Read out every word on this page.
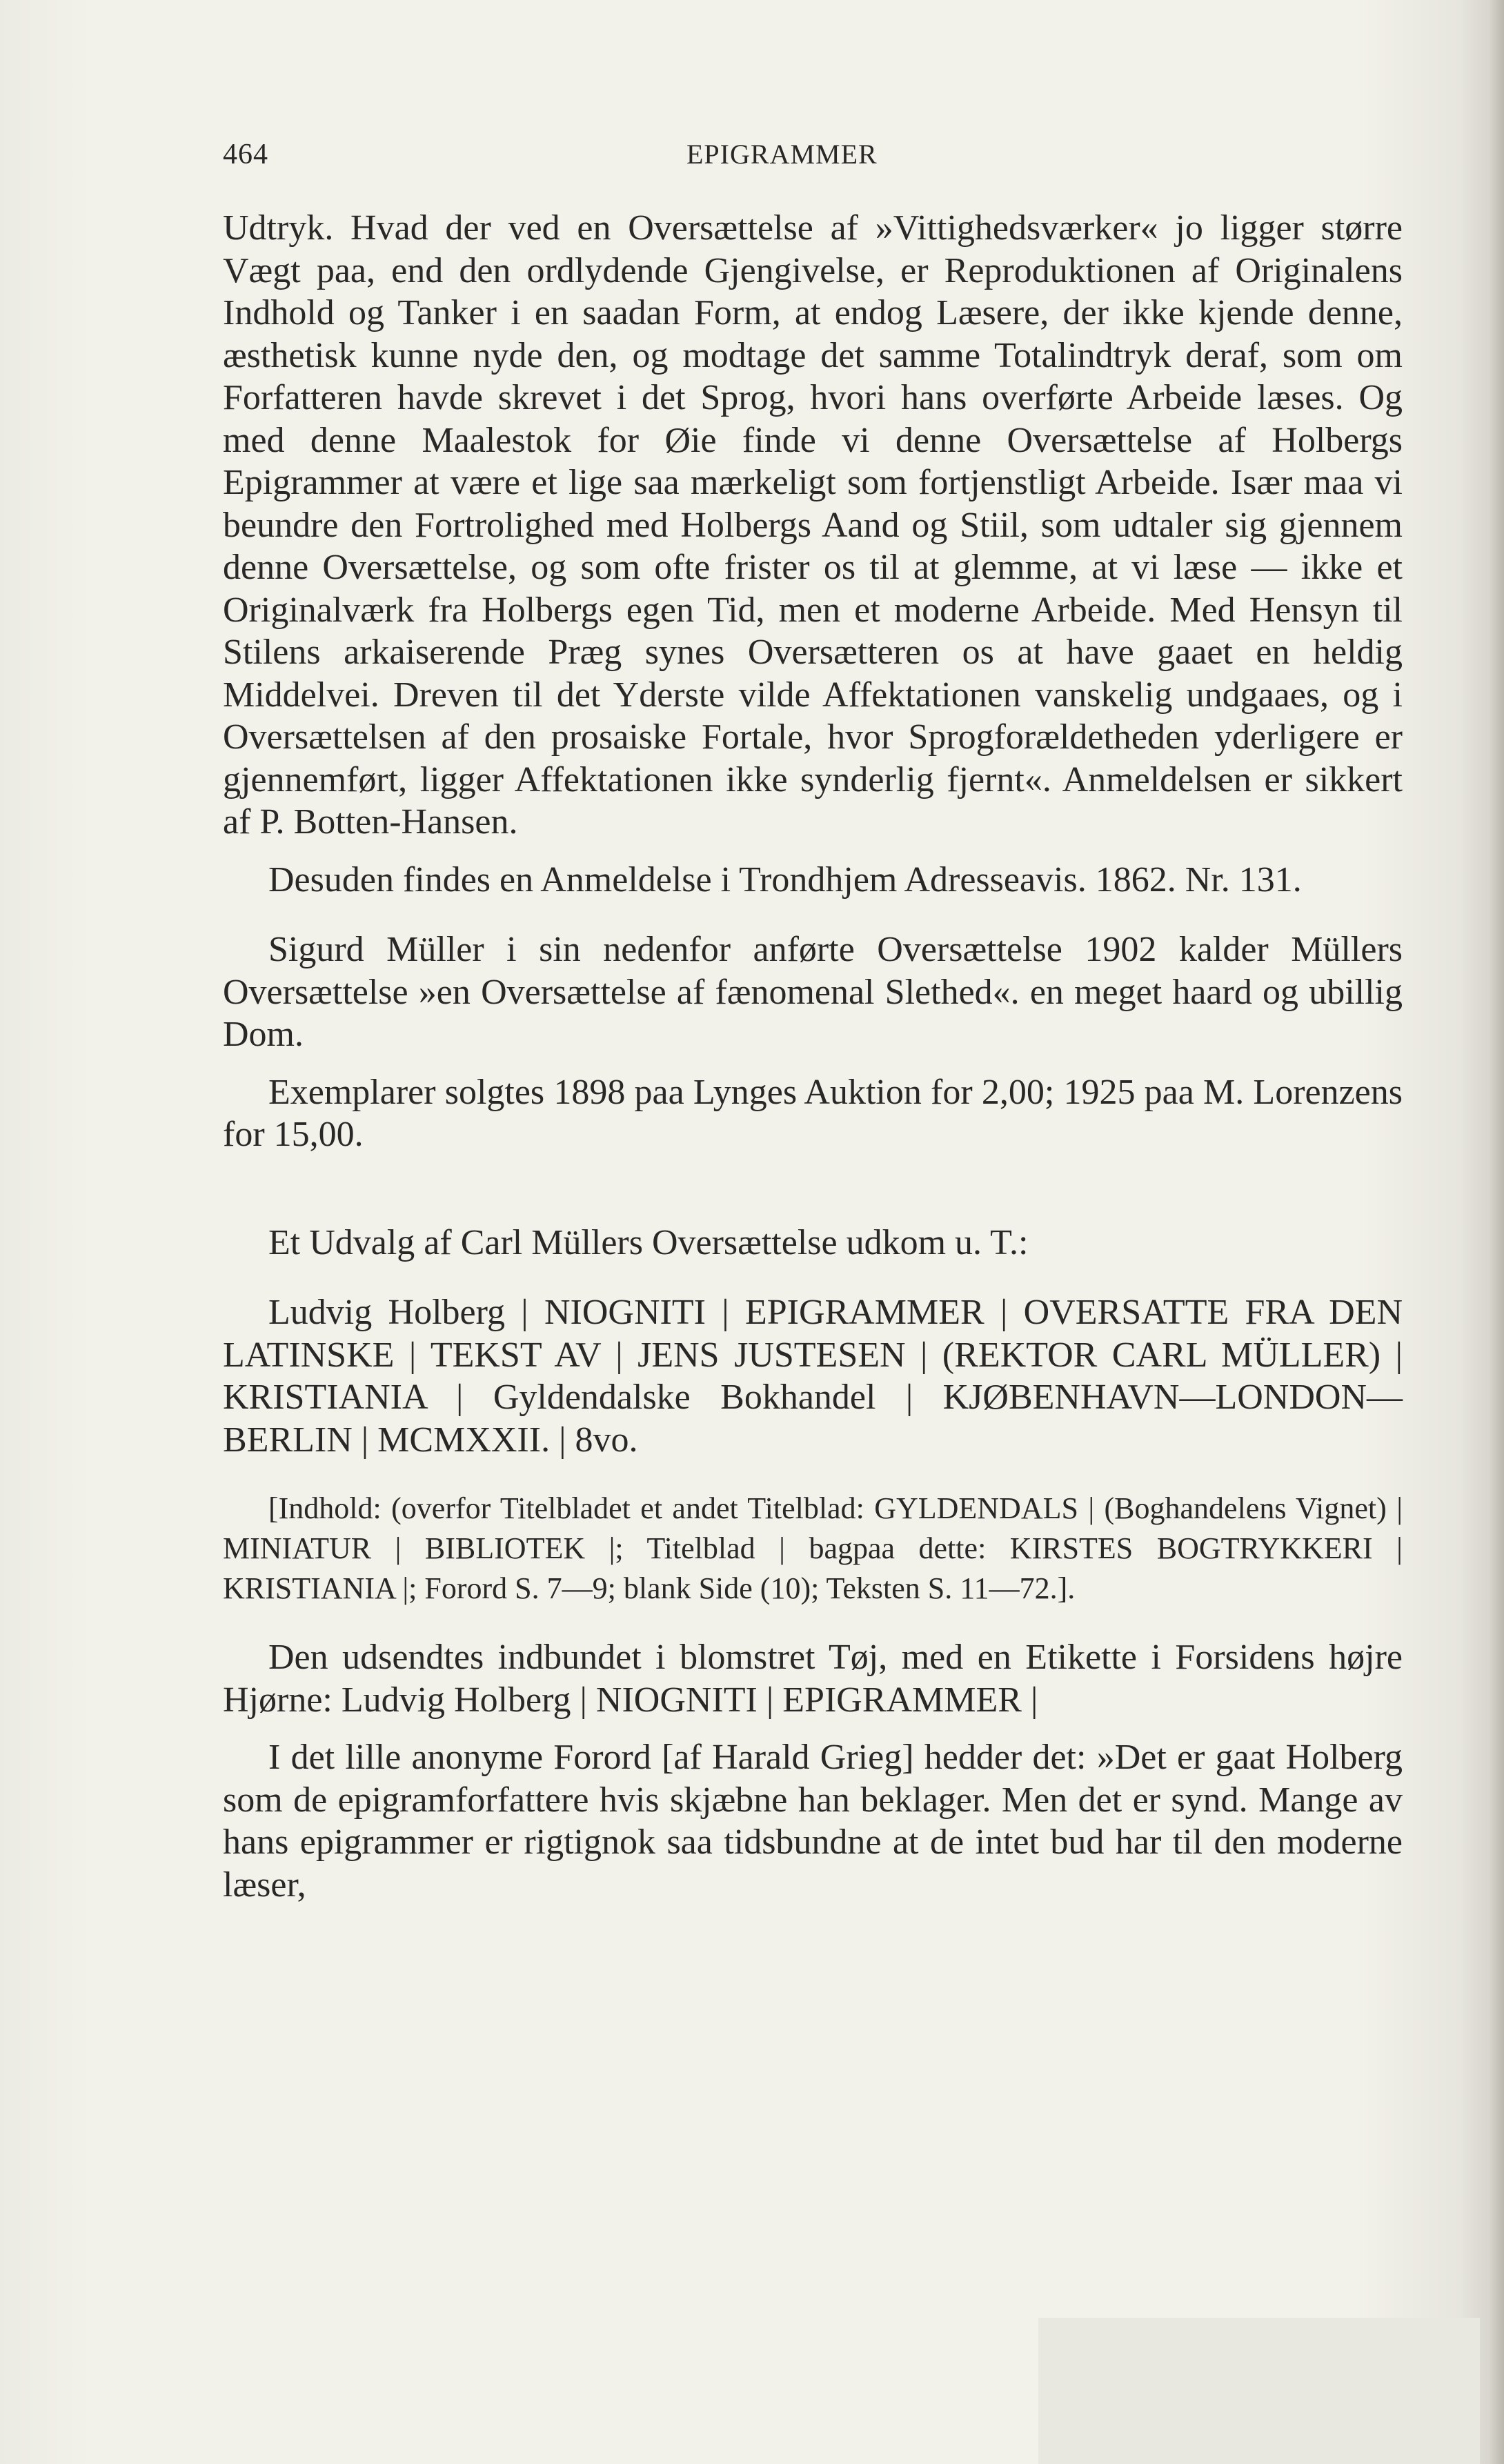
464	EPIGRAMMER

Udtryk. Hvad der ved en Oversættelse af »Vittighedsværker« jo ligger større Vægt paa, end den ordlydende Gjengivelse, er Reproduktionen af Originalens Indhold og Tanker i en saadan Form, at endog Læsere, der ikke kjende denne, æsthetisk kunne nyde den, og modtage det samme Totalindtryk deraf, som om Forfatteren havde skrevet i det Sprog, hvori hans overførte Arbeide læses. Og med denne Maalestok for Øie finde vi denne Oversættelse af Holbergs Epigrammer at være et lige saa mærkeligt som fortjenstligt Arbeide. Især maa vi beundre den Fortrolighed med Holbergs Aand og Stiil, som udtaler sig gjennem denne Oversættelse, og som ofte frister os til at glemme, at vi læse — ikke et Originalværk fra Holbergs egen Tid, men et moderne Arbeide. Med Hensyn til Stilens arkaiserende Præg synes Oversætteren os at have gaaet en heldig Middelvei. Dreven til det Yderste vilde Affektationen vanskelig undgaaes, og i Oversættelsen af den prosaiske Fortale, hvor Sprogforældetheden yderligere er gjennemført, ligger Affektationen ikke synderlig fjernt«. Anmeldelsen er sikkert af P. Botten-Hansen.

Desuden findes en Anmeldelse i Trondhjem Adresseavis. 1862. Nr. 131.

Sigurd Müller i sin nedenfor anførte Oversættelse 1902 kalder Müllers Oversættelse »en Oversættelse af fænomenal Slethed«. en meget haard og ubillig Dom.

Exemplarer solgtes 1898 paa Lynges Auktion for 2,00; 1925 paa M. Lorenzens for 15,00.

Et Udvalg af Carl Müllers Oversættelse udkom u. T.:

Ludvig Holberg | NIOGNITI | EPIGRAMMER | OVERSATTE FRA DEN LATINSKE | TEKST AV | JENS JUSTESEN | (REKTOR CARL MÜLLER) | KRISTIANIA | Gyldendalske Bokhandel | KJØBENHAVN—LONDON—BERLIN | MCMXXII. | 8vo.

[Indhold: (overfor Titelbladet et andet Titelblad: GYLDENDALS | (Boghandelens Vignet) | MINIATUR | BIBLIOTEK |; Titelblad | bagpaa dette: KIRSTES BOGTRYKKERI | KRISTIANIA |; Forord S. 7—9; blank Side (10); Teksten S. 11—72.].

Den udsendtes indbundet i blomstret Tøj, med en Etikette i Forsidens højre Hjørne: Ludvig Holberg | NIOGNITI | EPIGRAMMER |

I det lille anonyme Forord [af Harald Grieg] hedder det: »Det er gaat Holberg som de epigramforfattere hvis skjæbne han beklager. Men det er synd. Mange av hans epigrammer er rigtignok saa tidsbundne at de intet bud har til den moderne læser,
